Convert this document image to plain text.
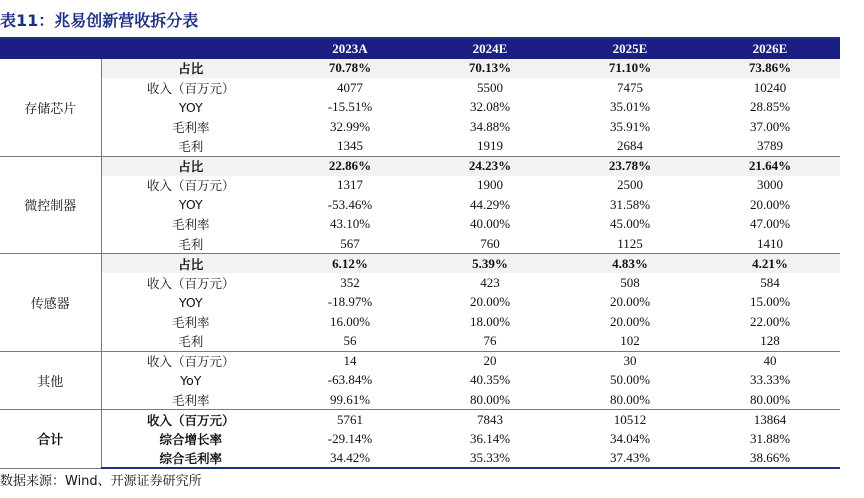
表11：兆易创新营收拆分表
		2023A	2024E	2025E	2026E
存储芯片	占比	70.78%	70.13%	71.10%	73.86%
	收入（百万元）	4077	5500	7475	10240
	YOY	-15.51%	32.08%	35.01%	28.85%
	毛利率	32.99%	34.88%	35.91%	37.00%
	毛利	1345	1919	2684	3789
微控制器	占比	22.86%	24.23%	23.78%	21.64%
	收入（百万元）	1317	1900	2500	3000
	YOY	-53.46%	44.29%	31.58%	20.00%
	毛利率	43.10%	40.00%	45.00%	47.00%
	毛利	567	760	1125	1410
传感器	占比	6.12%	5.39%	4.83%	4.21%
	收入（百万元）	352	423	508	584
	YOY	-18.97%	20.00%	20.00%	15.00%
	毛利率	16.00%	18.00%	20.00%	22.00%
	毛利	56	76	102	128
其他	收入（百万元）	14	20	30	40
	YoY	-63.84%	40.35%	50.00%	33.33%
	毛利率	99.61%	80.00%	80.00%	80.00%
合计	收入（百万元）	5761	7843	10512	13864
	综合增长率	-29.14%	36.14%	34.04%	31.88%
	综合毛利率	34.42%	35.33%	37.43%	38.66%
数据来源：Wind、开源证券研究所
